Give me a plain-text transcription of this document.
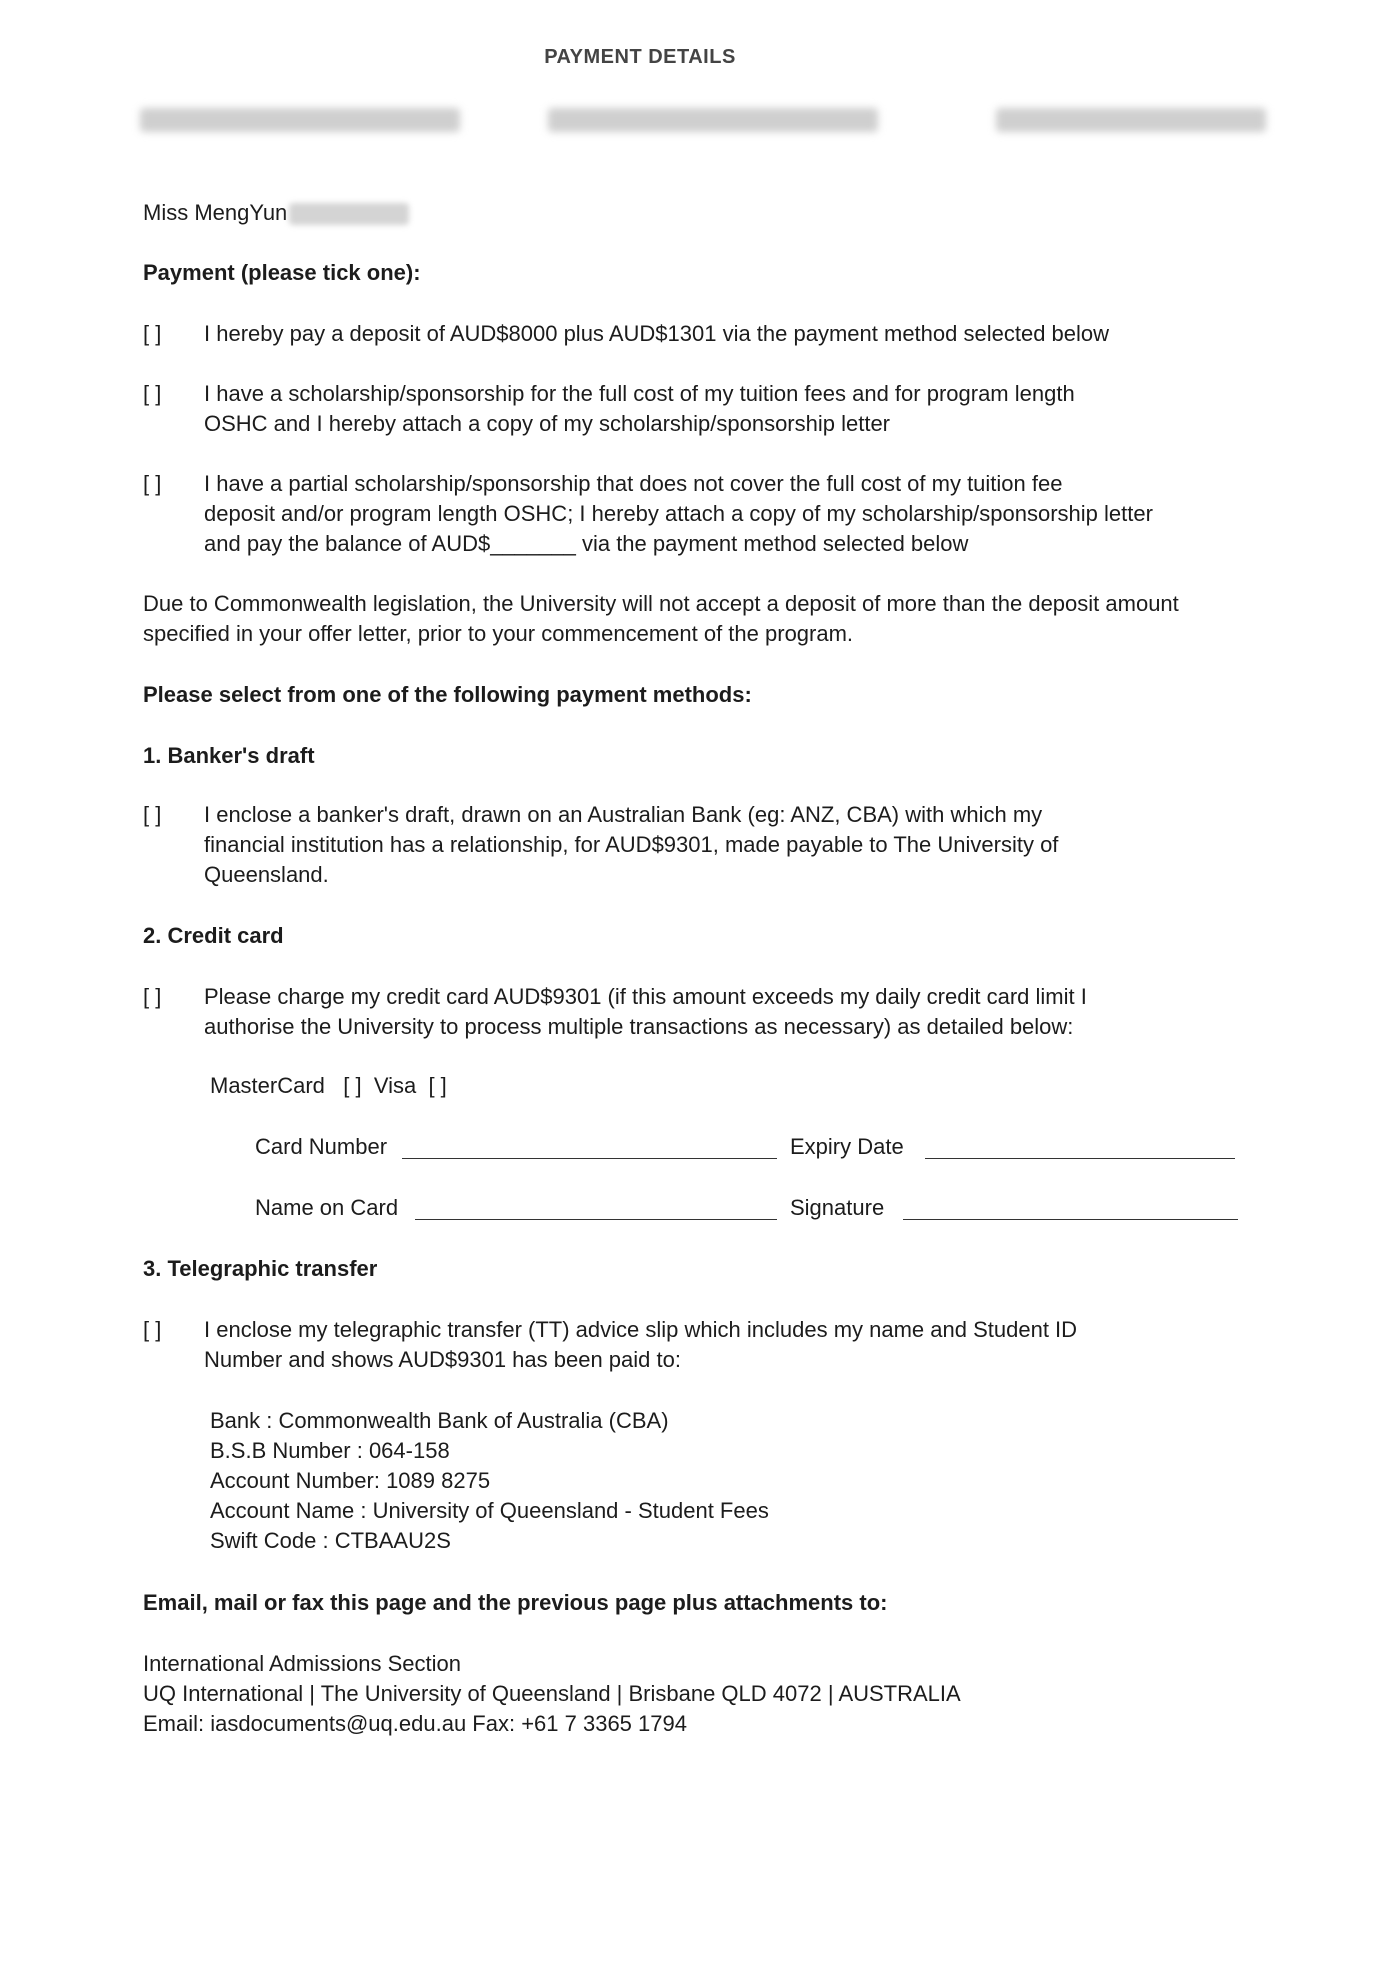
PAYMENT DETAILS
Miss MengYun
Payment (please tick one):
[ ] I hereby pay a deposit of AUD$8000 plus AUD$1301 via the payment method selected below
[ ] I have a scholarship/sponsorship for the full cost of my tuition fees and for program length
OSHC and I hereby attach a copy of my scholarship/sponsorship letter
[ ] I have a partial scholarship/sponsorship that does not cover the full cost of my tuition fee
deposit and/or program length OSHC; I hereby attach a copy of my scholarship/sponsorship letter
and pay the balance of AUD$_______ via the payment method selected below
Due to Commonwealth legislation, the University will not accept a deposit of more than the deposit amount
specified in your offer letter, prior to your commencement of the program.
Please select from one of the following payment methods:
1. Banker's draft
[ ] I enclose a banker's draft, drawn on an Australian Bank (eg: ANZ, CBA) with which my
financial institution has a relationship, for AUD$9301, made payable to The University of
Queensland.
2. Credit card
[ ] Please charge my credit card AUD$9301 (if this amount exceeds my daily credit card limit I
authorise the University to process multiple transactions as necessary) as detailed below:
MasterCard   [ ]  Visa  [ ]
Card Number	Expiry Date
Name on Card	Signature
3. Telegraphic transfer
[ ] I enclose my telegraphic transfer (TT) advice slip which includes my name and Student ID
Number and shows AUD$9301 has been paid to:
Bank : Commonwealth Bank of Australia (CBA)
B.S.B Number : 064-158
Account Number: 1089 8275
Account Name : University of Queensland - Student Fees
Swift Code : CTBAAU2S
Email, mail or fax this page and the previous page plus attachments to:
International Admissions Section
UQ International | The University of Queensland | Brisbane QLD 4072 | AUSTRALIA
Email: iasdocuments@uq.edu.au Fax: +61 7 3365 1794
